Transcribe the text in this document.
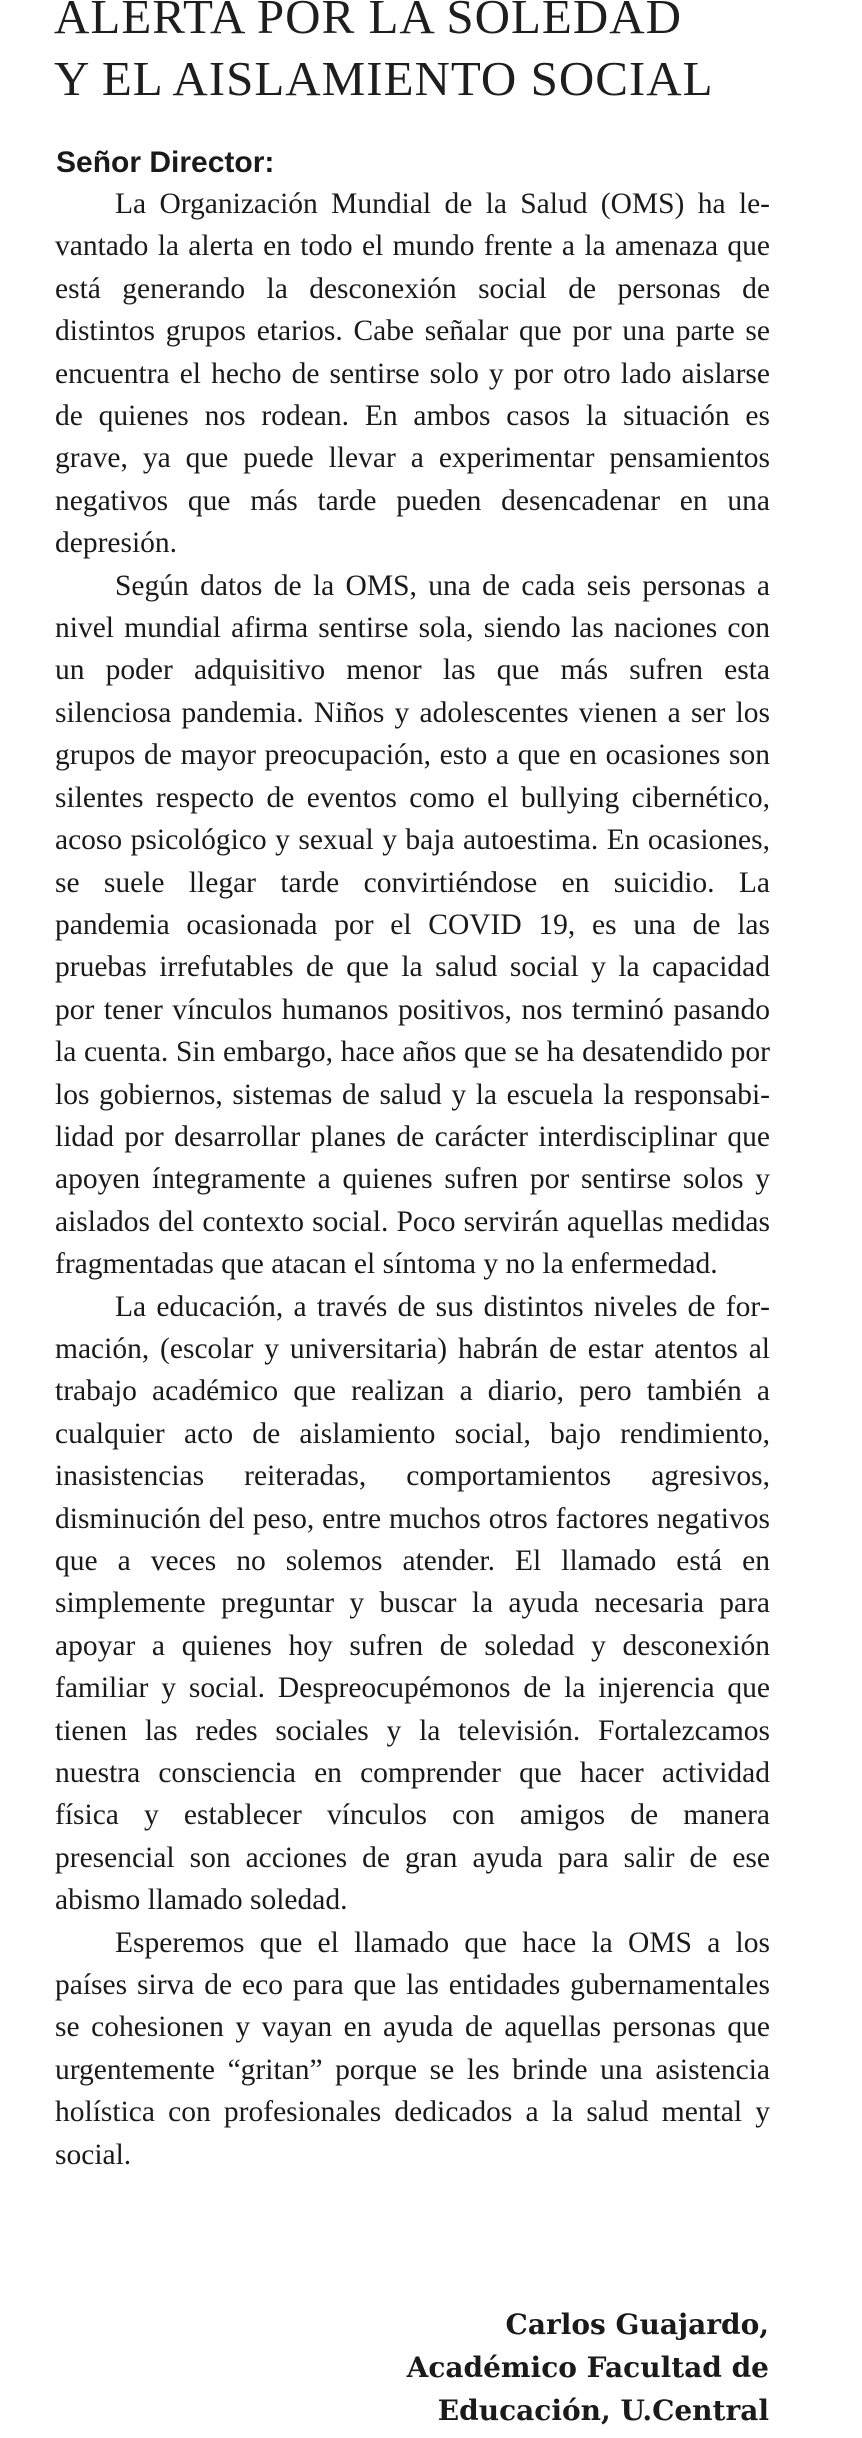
ALERTA POR LA SOLEDAD
Y EL AISLAMIENTO SOCIAL

Señor Director:

La Organización Mundial de la Salud (OMS) ha levantado la alerta en todo el mundo frente a la amenaza que está generando la desconexión social de personas de distintos grupos etarios. Cabe señalar que por una parte se encuentra el hecho de sentirse solo y por otro lado aislarse de quienes nos rodean. En ambos casos la situación es grave, ya que puede llevar a experimentar pensamientos negativos que más tarde pueden desencadenar en una depresión.

Según datos de la OMS, una de cada seis personas a nivel mundial afirma sentirse sola, siendo las naciones con un poder adquisitivo menor las que más sufren esta silenciosa pandemia. Niños y adolescentes vienen a ser los grupos de mayor preocupación, esto a que en ocasiones son silentes respecto de eventos como el bullying cibernético, acoso psicológico y sexual y baja autoestima. En ocasiones, se suele llegar tarde convirtiéndose en suicidio. La pandemia ocasionada por el COVID 19, es una de las pruebas irrefutables de que la salud social y la capacidad por tener vínculos humanos positivos, nos terminó pasando la cuenta. Sin embargo, hace años que se ha desatendido por los gobiernos, sistemas de salud y la escuela la responsabilidad por desarrollar planes de carácter interdisciplinar que apoyen íntegramente a quienes sufren por sentirse solos y aislados del contexto social. Poco servirán aquellas medidas fragmentadas que atacan el síntoma y no la enfermedad.

La educación, a través de sus distintos niveles de formación, (escolar y universitaria) habrán de estar atentos al trabajo académico que realizan a diario, pero también a cualquier acto de aislamiento social, bajo rendimiento, inasistencias reiteradas, comportamientos agresivos, disminución del peso, entre muchos otros factores negativos que a veces no solemos atender. El llamado está en simplemente preguntar y buscar la ayuda necesaria para apoyar a quienes hoy sufren de soledad y desconexión familiar y social. Despreocupémonos de la injerencia que tienen las redes sociales y la televisión. Fortalezcamos nuestra consciencia en comprender que hacer actividad física y establecer vínculos con amigos de manera presencial son acciones de gran ayuda para salir de ese abismo llamado soledad.

Esperemos que el llamado que hace la OMS a los países sirva de eco para que las entidades gubernamentales se cohesionen y vayan en ayuda de aquellas personas que urgentemente “gritan” porque se les brinde una asistencia holística con profesionales dedicados a la salud mental y social.

Carlos Guajardo,
Académico Facultad de
Educación, U.Central
